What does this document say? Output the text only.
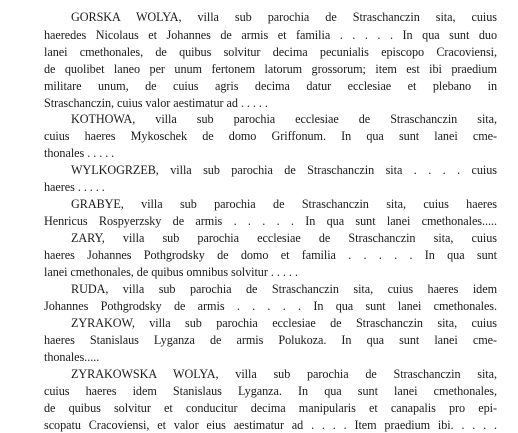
GORSKA WOLYA, villa sub parochia de Straschanczin sita, cuius
haeredes Nicolaus et Johannes de armis et familia . . . . . In qua sunt duo
lanei cmethonales, de quibus solvitur decima pecunialis episcopo Cracoviensi,
de quolibet laneo per unum fertonem latorum grossorum; item est ibi praedium
militare unum, de cuius agris decima datur ecclesiae et plebano in
Straschanczin, cuius valor aestimatur ad . . . . .
KOTHOWA, villa sub parochia ecclesiae de Straschanczin sita,
cuius haeres Mykoschek de domo Griffonum. In qua sunt lanei cme-
thonales . . . . .
WYLKOGRZEB, villa sub parochia de Straschanczin sita . . . . cuius
haeres . . . . .
GRABYE, villa sub parochia de Straschanczin sita, cuius haeres
Henricus Rospyerzsky de armis . . . . . In qua sunt lanei cmethonales.....
ZARY, villa sub parochia ecclesiae de Straschanczin sita, cuius
haeres Johannes Pothgrodsky de domo et familia . . . . . In qua sunt
lanei cmethonales, de quibus omnibus solvitur . . . . .
RUDA, villa sub parochia de Straschanczin sita, cuius haeres idem
Johannes Pothgrodsky de armis . . . . . In qua sunt lanei cmethonales.
ZYRAKOW, villa sub parochia ecclesiae de Straschanczin sita, cuius
haeres Stanislaus Lyganza de armis Polukoza. In qua sunt lanei cme-
thonales.....
ZYRAKOWSKA WOLYA, villa sub parochia de Straschanczin sita,
cuius haeres idem Stanislaus Lyganza. In qua sunt lanei cmethonales,
de quibus solvitur et conducitur decima manipularis et canapalis pro epi-
scopatu Cracoviensi, et valor eius aestimatur ad . . . . Item praedium ibi. . . . .
